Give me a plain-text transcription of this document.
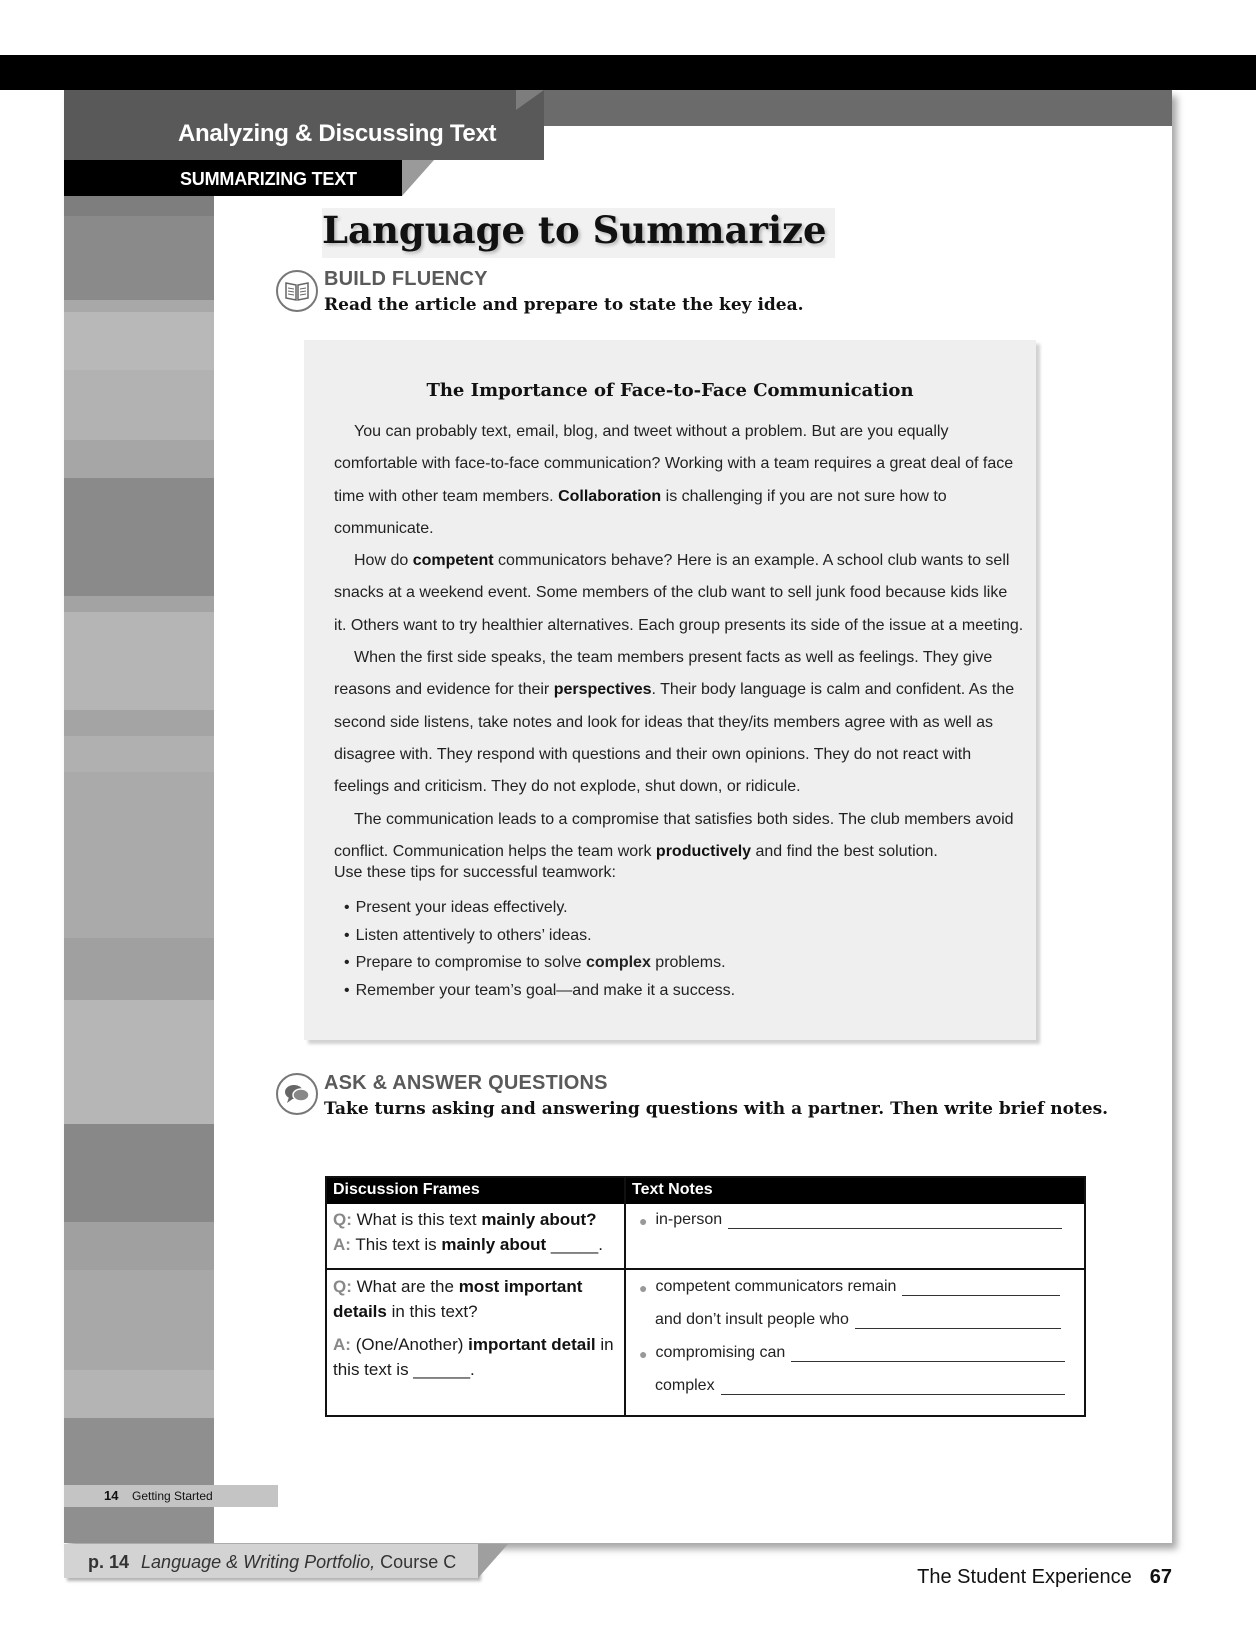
Analyzing & Discussing Text
SUMMARIZING TEXT
Language to Summarize
BUILD FLUENCY
Read the article and prepare to state the key idea.
The Importance of Face-to-Face Communication

You can probably text, email, blog, and tweet without a problem. But are you equally comfortable with face-to-face communication? Working with a team requires a great deal of face time with other team members. Collaboration is challenging if you are not sure how to communicate.

How do competent communicators behave? Here is an example. A school club wants to sell snacks at a weekend event. Some members of the club want to sell junk food because kids like it. Others want to try healthier alternatives. Each group presents its side of the issue at a meeting.

When the first side speaks, the team members present facts as well as feelings. They give reasons and evidence for their perspectives. Their body language is calm and confident. As the second side listens, take notes and look for ideas that they/its members agree with as well as disagree with. They respond with questions and their own opinions. They do not react with feelings and criticism. They do not explode, shut down, or ridicule.

The communication leads to a compromise that satisfies both sides. The club members avoid conflict. Communication helps the team work productively and find the best solution.

Use these tips for successful teamwork:
• Present your ideas effectively.
• Listen attentively to others’ ideas.
• Prepare to compromise to solve complex problems.
• Remember your team’s goal—and make it a success.
ASK & ANSWER QUESTIONS
Take turns asking and answering questions with a partner. Then write brief notes.
Discussion Frames	Text Notes
Q: What is this text mainly about?
A: This text is mainly about _____.
Q: What are the most important details in this text?
A: (One/Another) important detail in this text is ______.
● in-person
● competent communicators remain
and don’t insult people who
● compromising can
complex
14 Getting Started
p. 14 Language & Writing Portfolio, Course C
The Student Experience 67
